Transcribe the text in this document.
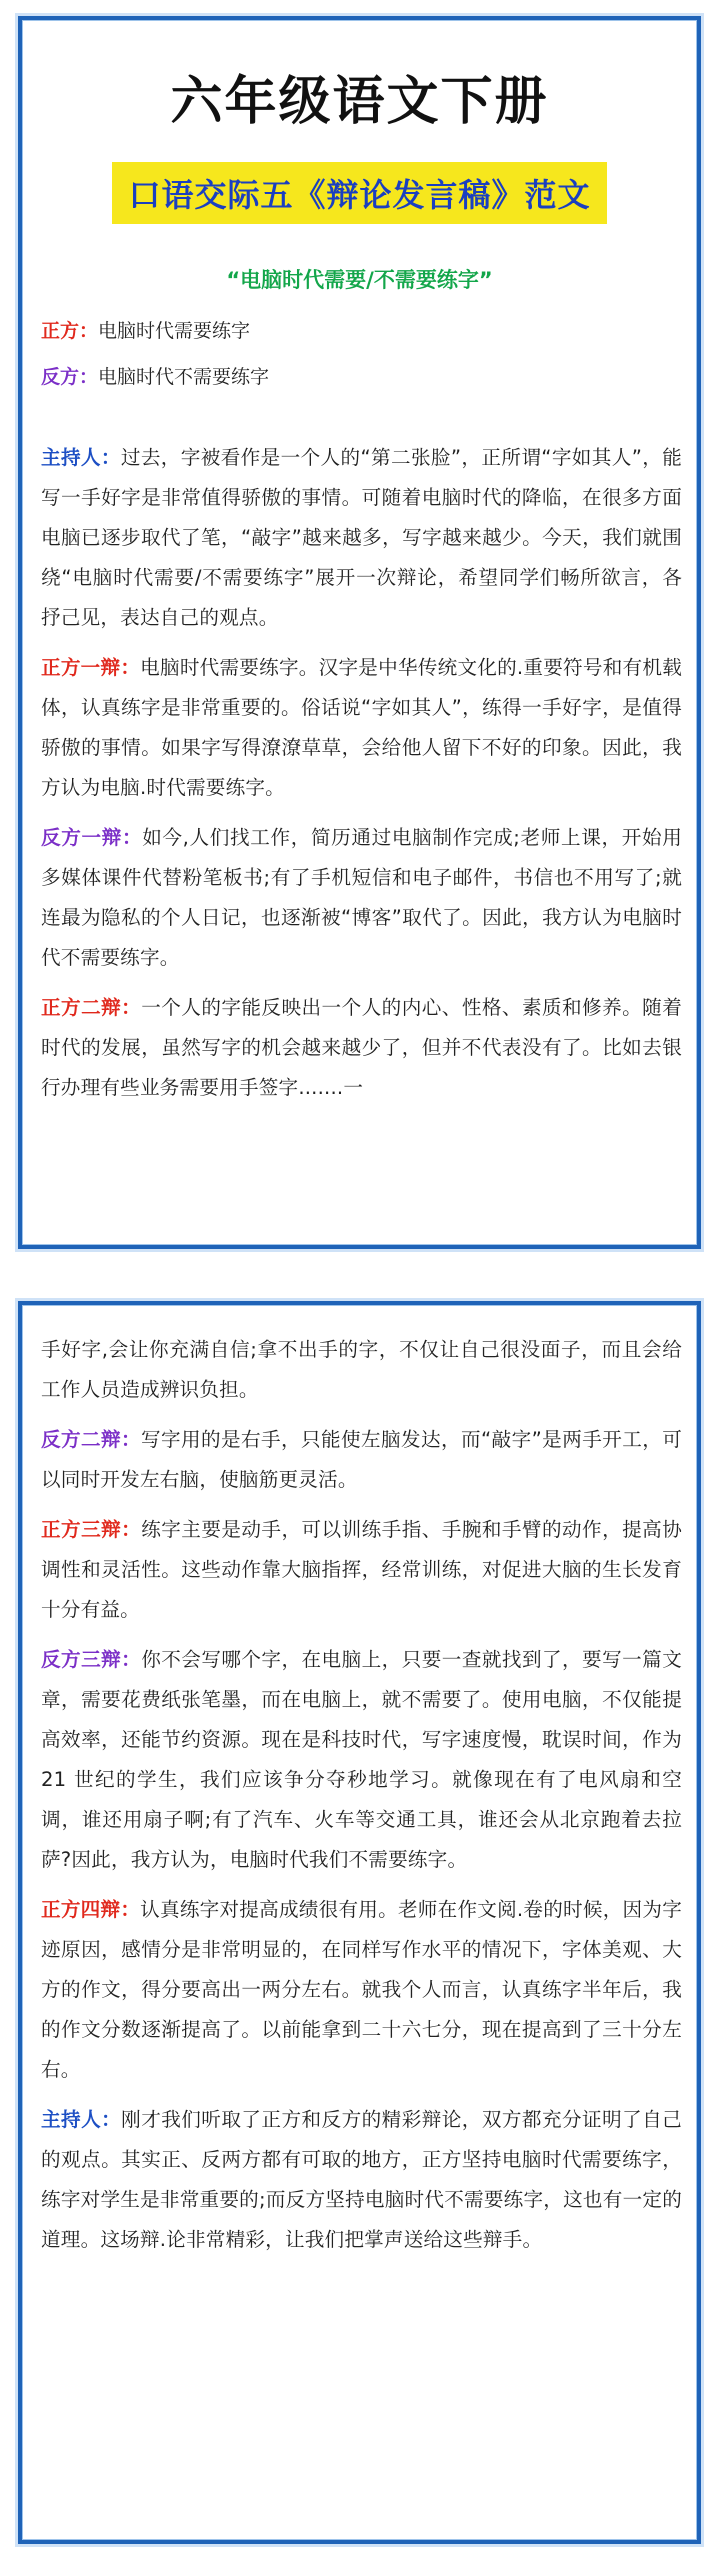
六年级语文下册
口语交际五《辩论发言稿》范文
“电脑时代需要/不需要练字”
正方：电脑时代需要练字
反方：电脑时代不需要练字

主持人：过去，字被看作是一个人的“第二张脸”，正所谓“字如其人”，能写一手好字是非常值得骄傲的事情。可随着电脑时代的降临，在很多方面电脑已逐步取代了笔，“敲字”越来越多，写字越来越少。今天，我们就围绕“电脑时代需要/不需要练字”展开一次辩论，希望同学们畅所欲言，各抒己见，表达自己的观点。

正方一辩：电脑时代需要练字。汉字是中华传统文化的.重要符号和有机载体，认真练字是非常重要的。俗话说“字如其人”，练得一手好字，是值得骄傲的事情。如果字写得潦潦草草，会给他人留下不好的印象。因此，我方认为电脑.时代需要练字。

反方一辩：如今,人们找工作，简历通过电脑制作完成;老师上课，开始用多媒体课件代替粉笔板书;有了手机短信和电子邮件，书信也不用写了;就连最为隐私的个人日记，也逐渐被“博客”取代了。因此，我方认为电脑时代不需要练字。

正方二辩：一个人的字能反映出一个人的内心、性格、素质和修养。随着时代的发展，虽然写字的机会越来越少了，但并不代表没有了。比如去银行办理有些业务需要用手签字.......一

手好字,会让你充满自信;拿不出手的字，不仅让自己很没面子，而且会给工作人员造成辨识负担。

反方二辩：写字用的是右手，只能使左脑发达，而“敲字”是两手开工，可以同时开发左右脑，使脑筋更灵活。

正方三辩：练字主要是动手，可以训练手指、手腕和手臂的动作，提高协调性和灵活性。这些动作靠大脑指挥，经常训练，对促进大脑的生长发育十分有益。

反方三辩：你不会写哪个字，在电脑上，只要一查就找到了，要写一篇文章，需要花费纸张笔墨，而在电脑上，就不需要了。使用电脑，不仅能提高效率，还能节约资源。现在是科技时代，写字速度慢，耽误时间，作为 21 世纪的学生，我们应该争分夺秒地学习。就像现在有了电风扇和空调，谁还用扇子啊;有了汽车、火车等交通工具，谁还会从北京跑着去拉萨?因此，我方认为，电脑时代我们不需要练字。

正方四辩：认真练字对提高成绩很有用。老师在作文阅.卷的时候，因为字迹原因，感情分是非常明显的，在同样写作水平的情况下，字体美观、大方的作文，得分要高出一两分左右。就我个人而言，认真练字半年后，我的作文分数逐渐提高了。以前能拿到二十六七分，现在提高到了三十分左右。

主持人：刚才我们听取了正方和反方的精彩辩论，双方都充分证明了自己的观点。其实正、反两方都有可取的地方，正方坚持电脑时代需要练字，练字对学生是非常重要的;而反方坚持电脑时代不需要练字，这也有一定的道理。这场辩.论非常精彩，让我们把掌声送给这些辩手。
